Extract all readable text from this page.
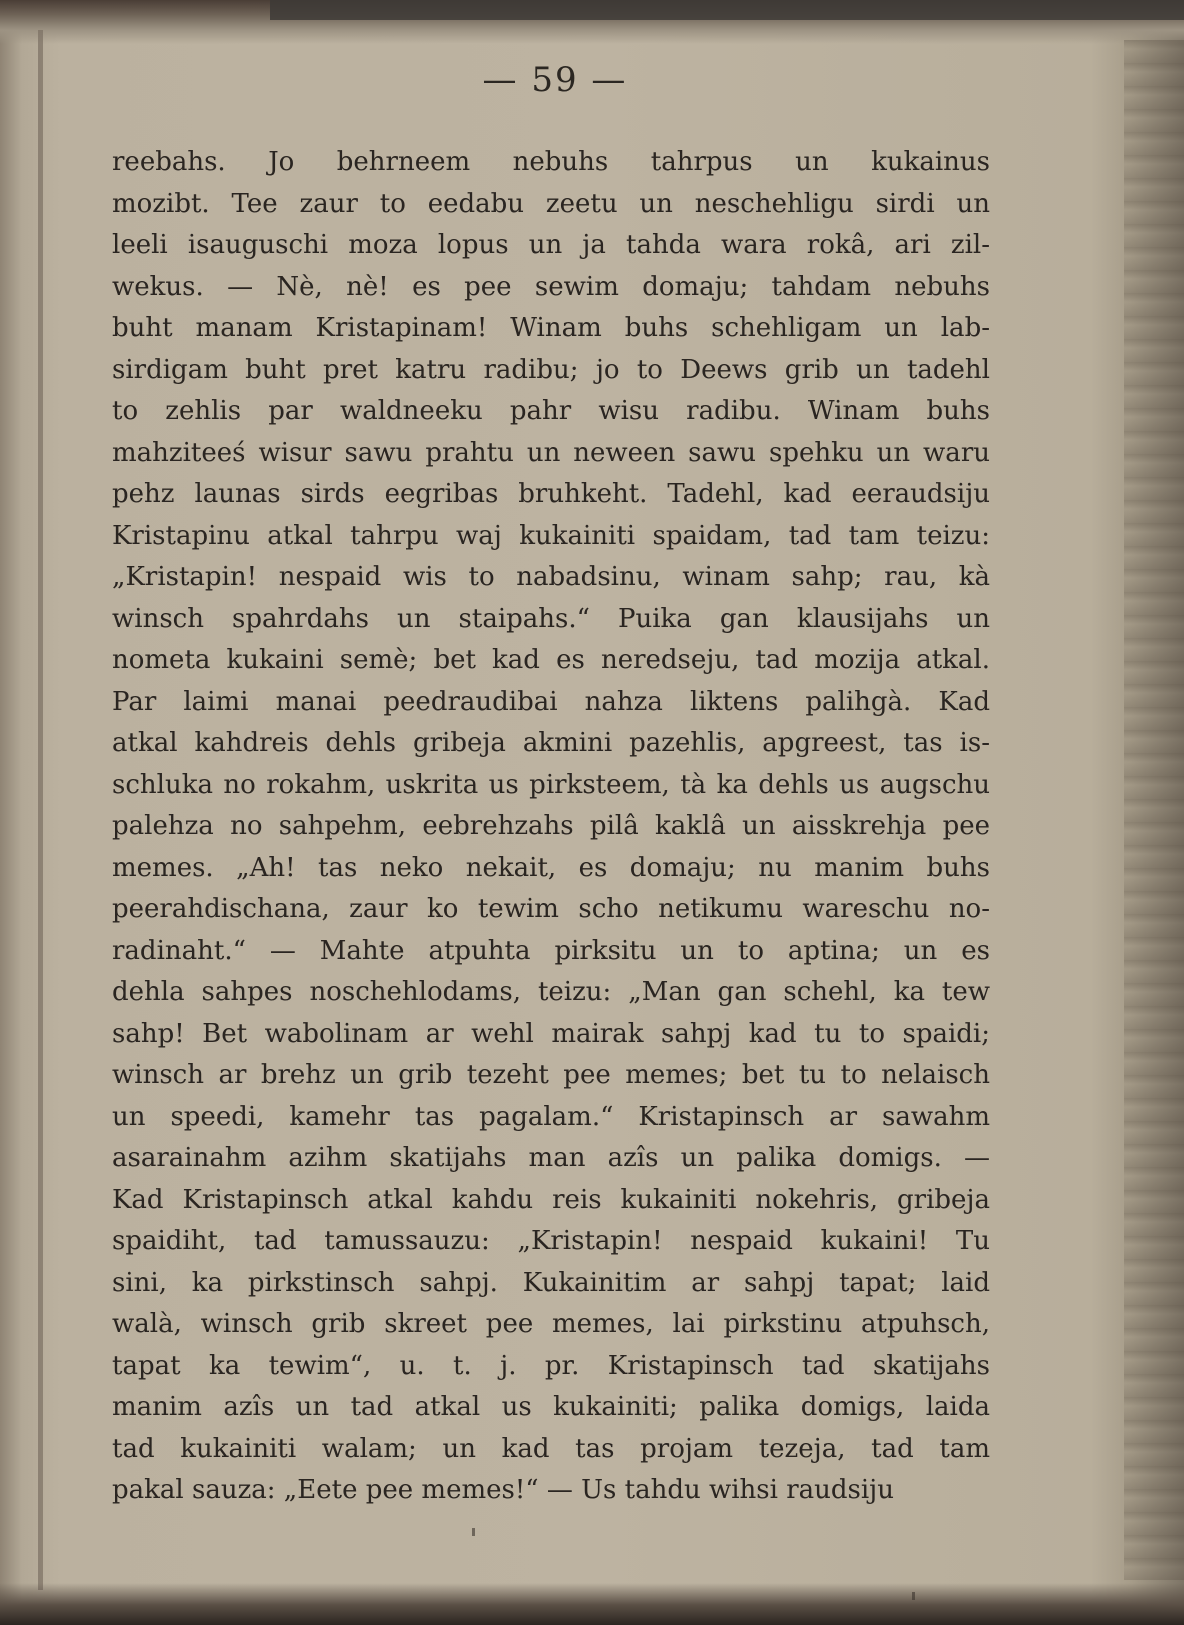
— 59 —
reebahs. Jo behrneem nebuhs tahrpus un kukainus
mozibt. Tee zaur to eedabu zeetu un neschehligu sirdi un
leeli isauguschi moza lopus un ja tahda wara rokâ, ari zil-
wekus. — Nè, nè! es pee sewim domaju; tahdam nebuhs
buht manam Kristapinam! Winam buhs schehligam un lab-
sirdigam buht pret katru radibu; jo to Deews grib un tadehl
to zehlis par waldneeku pahr wisu radibu. Winam buhs
mahziteeś wisur sawu prahtu un neween sawu spehku un waru
pehz launas sirds eegribas bruhkeht. Tadehl, kad eeraudsiju
Kristapinu atkal tahrpu waj kukainiti spaidam, tad tam teizu:
„Kristapin! nespaid wis to nabadsinu, winam sahp; rau, kà
winsch spahrdahs un staipahs.“ Puika gan klausijahs un
nometa kukaini semè; bet kad es neredseju, tad mozija atkal.
Par laimi manai peedraudibai nahza liktens palihgà. Kad
atkal kahdreis dehls gribeja akmini pazehlis, apgreest, tas is-
schluka no rokahm, uskrita us pirksteem, tà ka dehls us augschu
palehza no sahpehm, eebrehzahs pilâ kaklâ un aisskrehja pee
memes. „Ah! tas neko nekait, es domaju; nu manim buhs
peerahdischana, zaur ko tewim scho netikumu wareschu no-
radinaht.“ — Mahte atpuhta pirksitu un to aptina; un es
dehla sahpes noschehlodams, teizu: „Man gan schehl, ka tew
sahp! Bet wabolinam ar wehl mairak sahpj kad tu to spaidi;
winsch ar brehz un grib tezeht pee memes; bet tu to nelaisch
un speedi, kamehr tas pagalam.“ Kristapinsch ar sawahm
asarainahm azihm skatijahs man azîs un palika domigs. —
Kad Kristapinsch atkal kahdu reis kukainiti nokehris, gribeja
spaidiht, tad tamussauzu: „Kristapin! nespaid kukaini! Tu
sini, ka pirkstinsch sahpj. Kukainitim ar sahpj tapat; laid
walà, winsch grib skreet pee memes, lai pirkstinu atpuhsch,
tapat ka tewim“, u. t. j. pr. Kristapinsch tad skatijahs
manim azîs un tad atkal us kukainiti; palika domigs, laida
tad kukainiti walam; un kad tas projam tezeja, tad tam
pakal sauza: „Eete pee memes!“ — Us tahdu wihsi raudsiju
